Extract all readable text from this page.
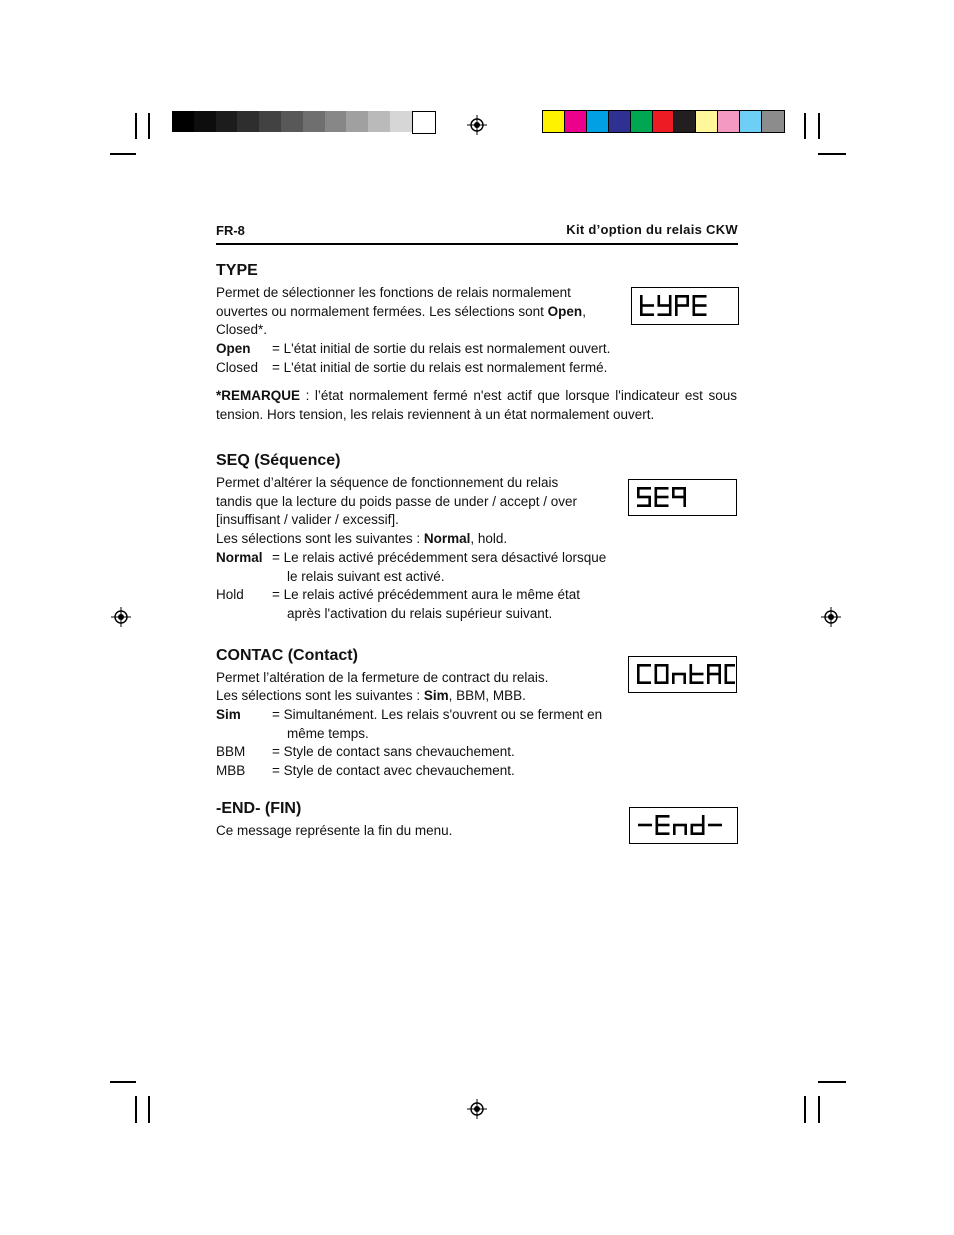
FR-8	Kit d’option du relais CKW
TYPE
Permet de sélectionner les fonctions de relais normalement
ouvertes ou normalement fermées. Les sélections sont Open,
Closed*.
Open = L'état initial de sortie du relais est normalement ouvert.
Closed = L'état initial de sortie du relais est normalement fermé.
*REMARQUE : l’état normalement fermé n'est actif que lorsque l'indicateur est sous tension. Hors tension, les relais reviennent à un état normalement ouvert.
SEQ (Séquence)
Permet d’altérer la séquence de fonctionnement du relais
tandis que la lecture du poids passe de under / accept / over
[insuffisant / valider / excessif].
Les sélections sont les suivantes : Normal, hold.
Normal = Le relais activé précédemment sera désactivé lorsque
le relais suivant est activé.
Hold = Le relais activé précédemment aura le même état
après l'activation du relais supérieur suivant.
CONTAC (Contact)
Permet l’altération de la fermeture de contract du relais.
Les sélections sont les suivantes : Sim, BBM, MBB.
Sim = Simultanément. Les relais s'ouvrent ou se ferment en
même temps.
BBM = Style de contact sans chevauchement.
MBB = Style de contact avec chevauchement.
-END- (FIN)
Ce message représente la fin du menu.
